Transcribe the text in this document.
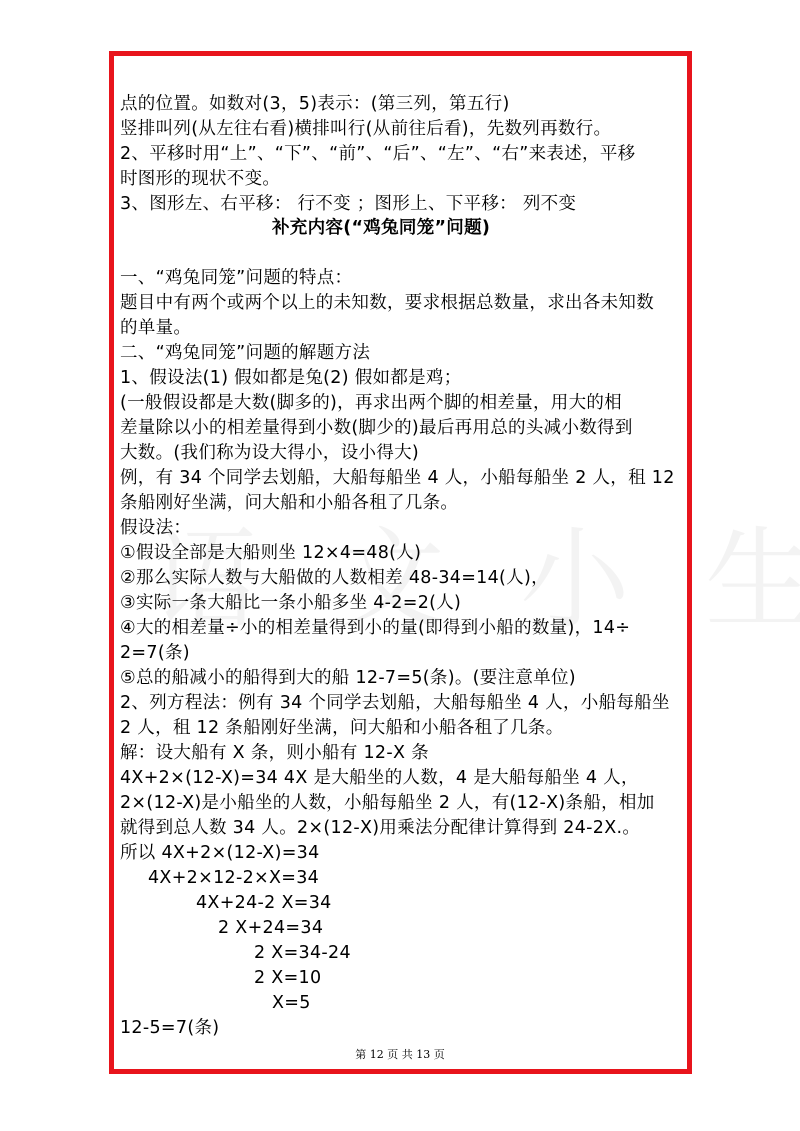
点的位置。如数对(3，5)表示：(第三列，第五行)
竖排叫列(从左往右看)横排叫行(从前往后看)，先数列再数行。
2、平移时用“上”、“下”、“前”、“后”、“左”、“右”来表述，平移
时图形的现状不变。
3、图形左、右平移： 行不变 ；图形上、下平移： 列不变
补充内容(“鸡兔同笼”问题)
一、“鸡兔同笼”问题的特点：
题目中有两个或两个以上的未知数，要求根据总数量，求出各未知数
的单量。
二、“鸡兔同笼”问题的解题方法
1、假设法(1) 假如都是兔(2) 假如都是鸡；
(一般假设都是大数(脚多的)，再求出两个脚的相差量，用大的相
差量除以小的相差量得到小数(脚少的)最后再用总的头减小数得到
大数。(我们称为设大得小，设小得大)
例，有 34 个同学去划船，大船每船坐 4 人，小船每船坐 2 人，租 12
条船刚好坐满，问大船和小船各租了几条。
假设法：
①假设全部是大船则坐 12×4=48(人)
②那么实际人数与大船做的人数相差 48-34=14(人)，
③实际一条大船比一条小船多坐 4-2=2(人)
④大的相差量÷小的相差量得到小的量(即得到小船的数量)，14÷
2=7(条)
⑤总的船减小的船得到大的船 12-7=5(条)。(要注意单位)
2、列方程法：例有 34 个同学去划船，大船每船坐 4 人，小船每船坐
2 人，租 12 条船刚好坐满，问大船和小船各租了几条。
解：设大船有 X 条，则小船有 12-X 条
4X+2×(12-X)=34 4X 是大船坐的人数，4 是大船每船坐 4 人，
2×(12-X)是小船坐的人数，小船每船坐 2 人，有(12-X)条船，相加
就得到总人数 34 人。2×(12-X)用乘法分配律计算得到 24-2X.。
所以 4X+2×(12-X)=34
4X+2×12-2×X=34
4X+24-2 X=34
2 X+24=34
2 X=34-24
2 X=10
X=5
12-5=7(条)
第 12 页 共 13 页
